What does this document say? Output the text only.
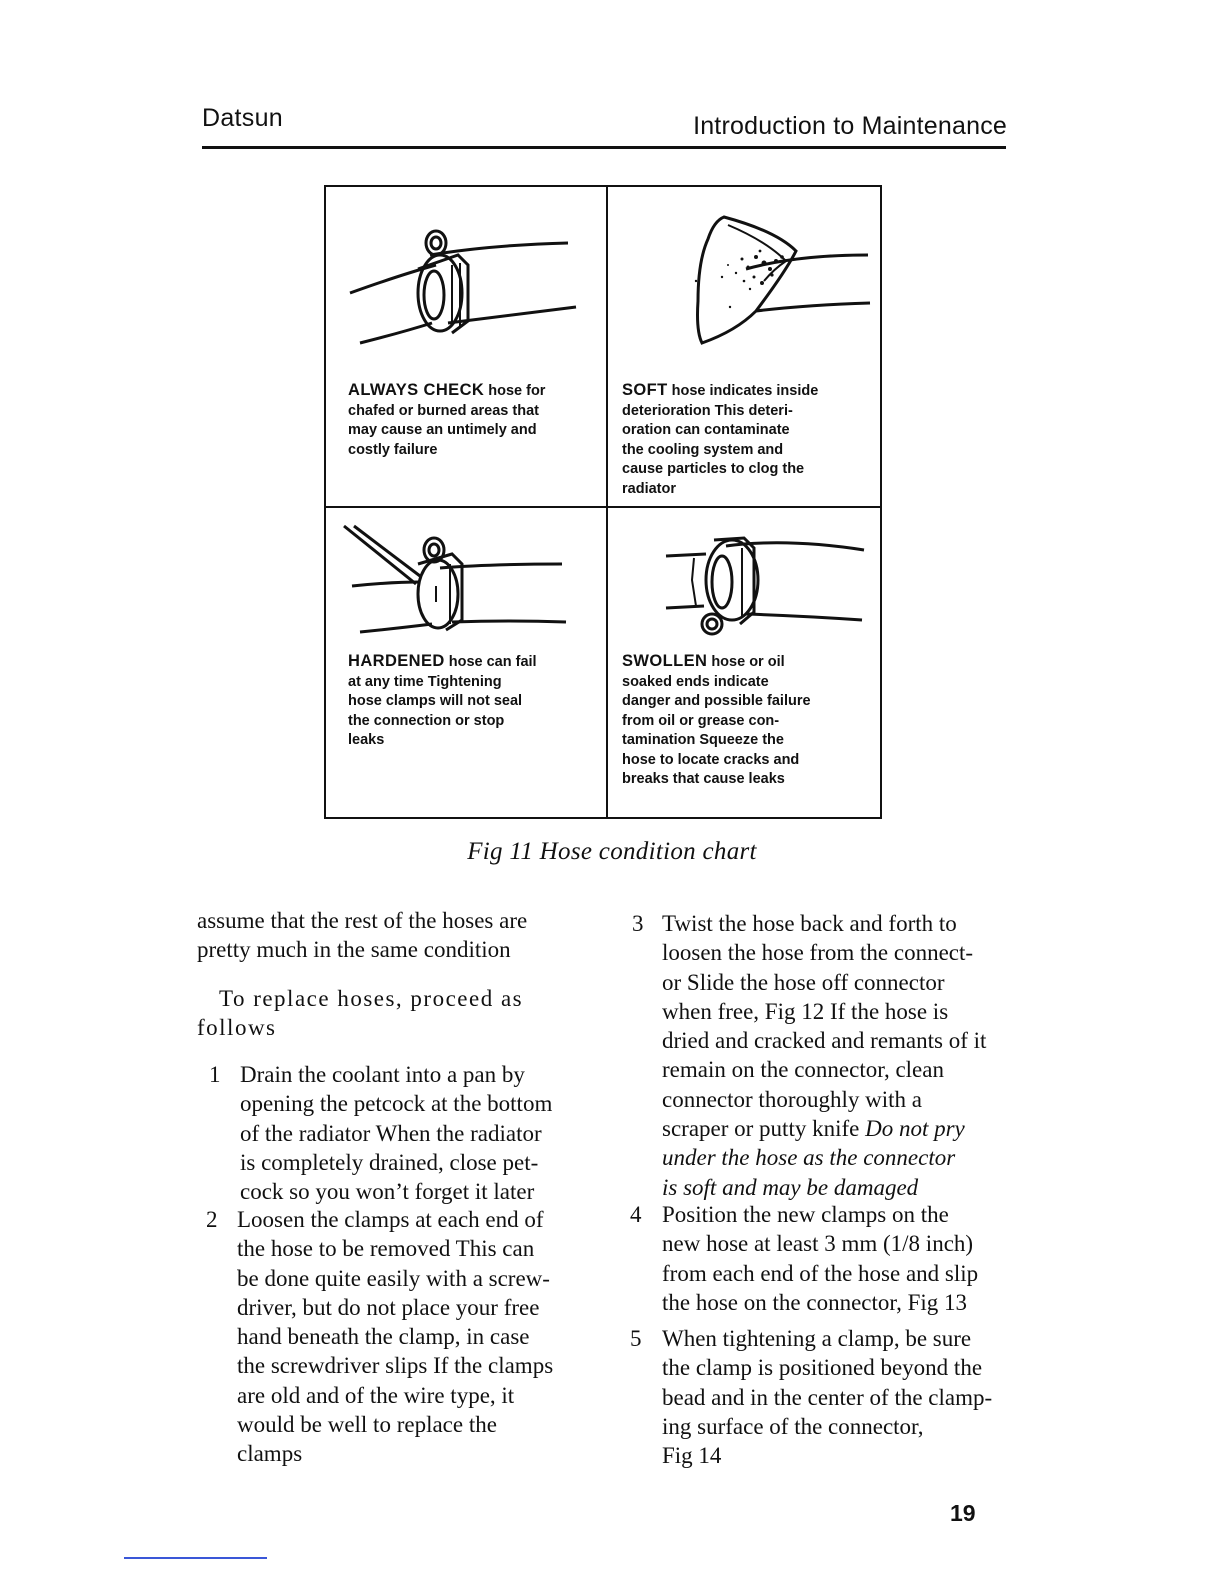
Datsun	Introduction to Maintenance
ALWAYS CHECK hose for
chafed or burned areas that
may cause an untimely and
costly failure
SOFT hose indicates inside
deterioration This deteri-
oration can contaminate
the cooling system and
cause particles to clog the
radiator
HARDENED hose can fail
at any time Tightening
hose clamps will not seal
the connection or stop
leaks
SWOLLEN hose or oil
soaked ends indicate
danger and possible failure
from oil or grease con-
tamination Squeeze the
hose to locate cracks and
breaks that cause leaks
Fig 11 Hose condition chart
assume that the rest of the hoses are
pretty much in the same condition
To replace hoses, proceed as
follows
1 Drain the coolant into a pan by
opening the petcock at the bottom
of the radiator When the radiator
is completely drained, close pet-
cock so you won’t forget it later
2 Loosen the clamps at each end of
the hose to be removed This can
be done quite easily with a screw-
driver, but do not place your free
hand beneath the clamp, in case
the screwdriver slips If the clamps
are old and of the wire type, it
would be well to replace the
clamps
3 Twist the hose back and forth to
loosen the hose from the connect-
or Slide the hose off connector
when free, Fig 12 If the hose is
dried and cracked and remants of it
remain on the connector, clean
connector thoroughly with a
scraper or putty knife Do not pry
under the hose as the connector
is soft and may be damaged
4 Position the new clamps on the
new hose at least 3 mm (1/8 inch)
from each end of the hose and slip
the hose on the connector, Fig 13
5 When tightening a clamp, be sure
the clamp is positioned beyond the
bead and in the center of the clamp-
ing surface of the connector,
Fig 14
19
